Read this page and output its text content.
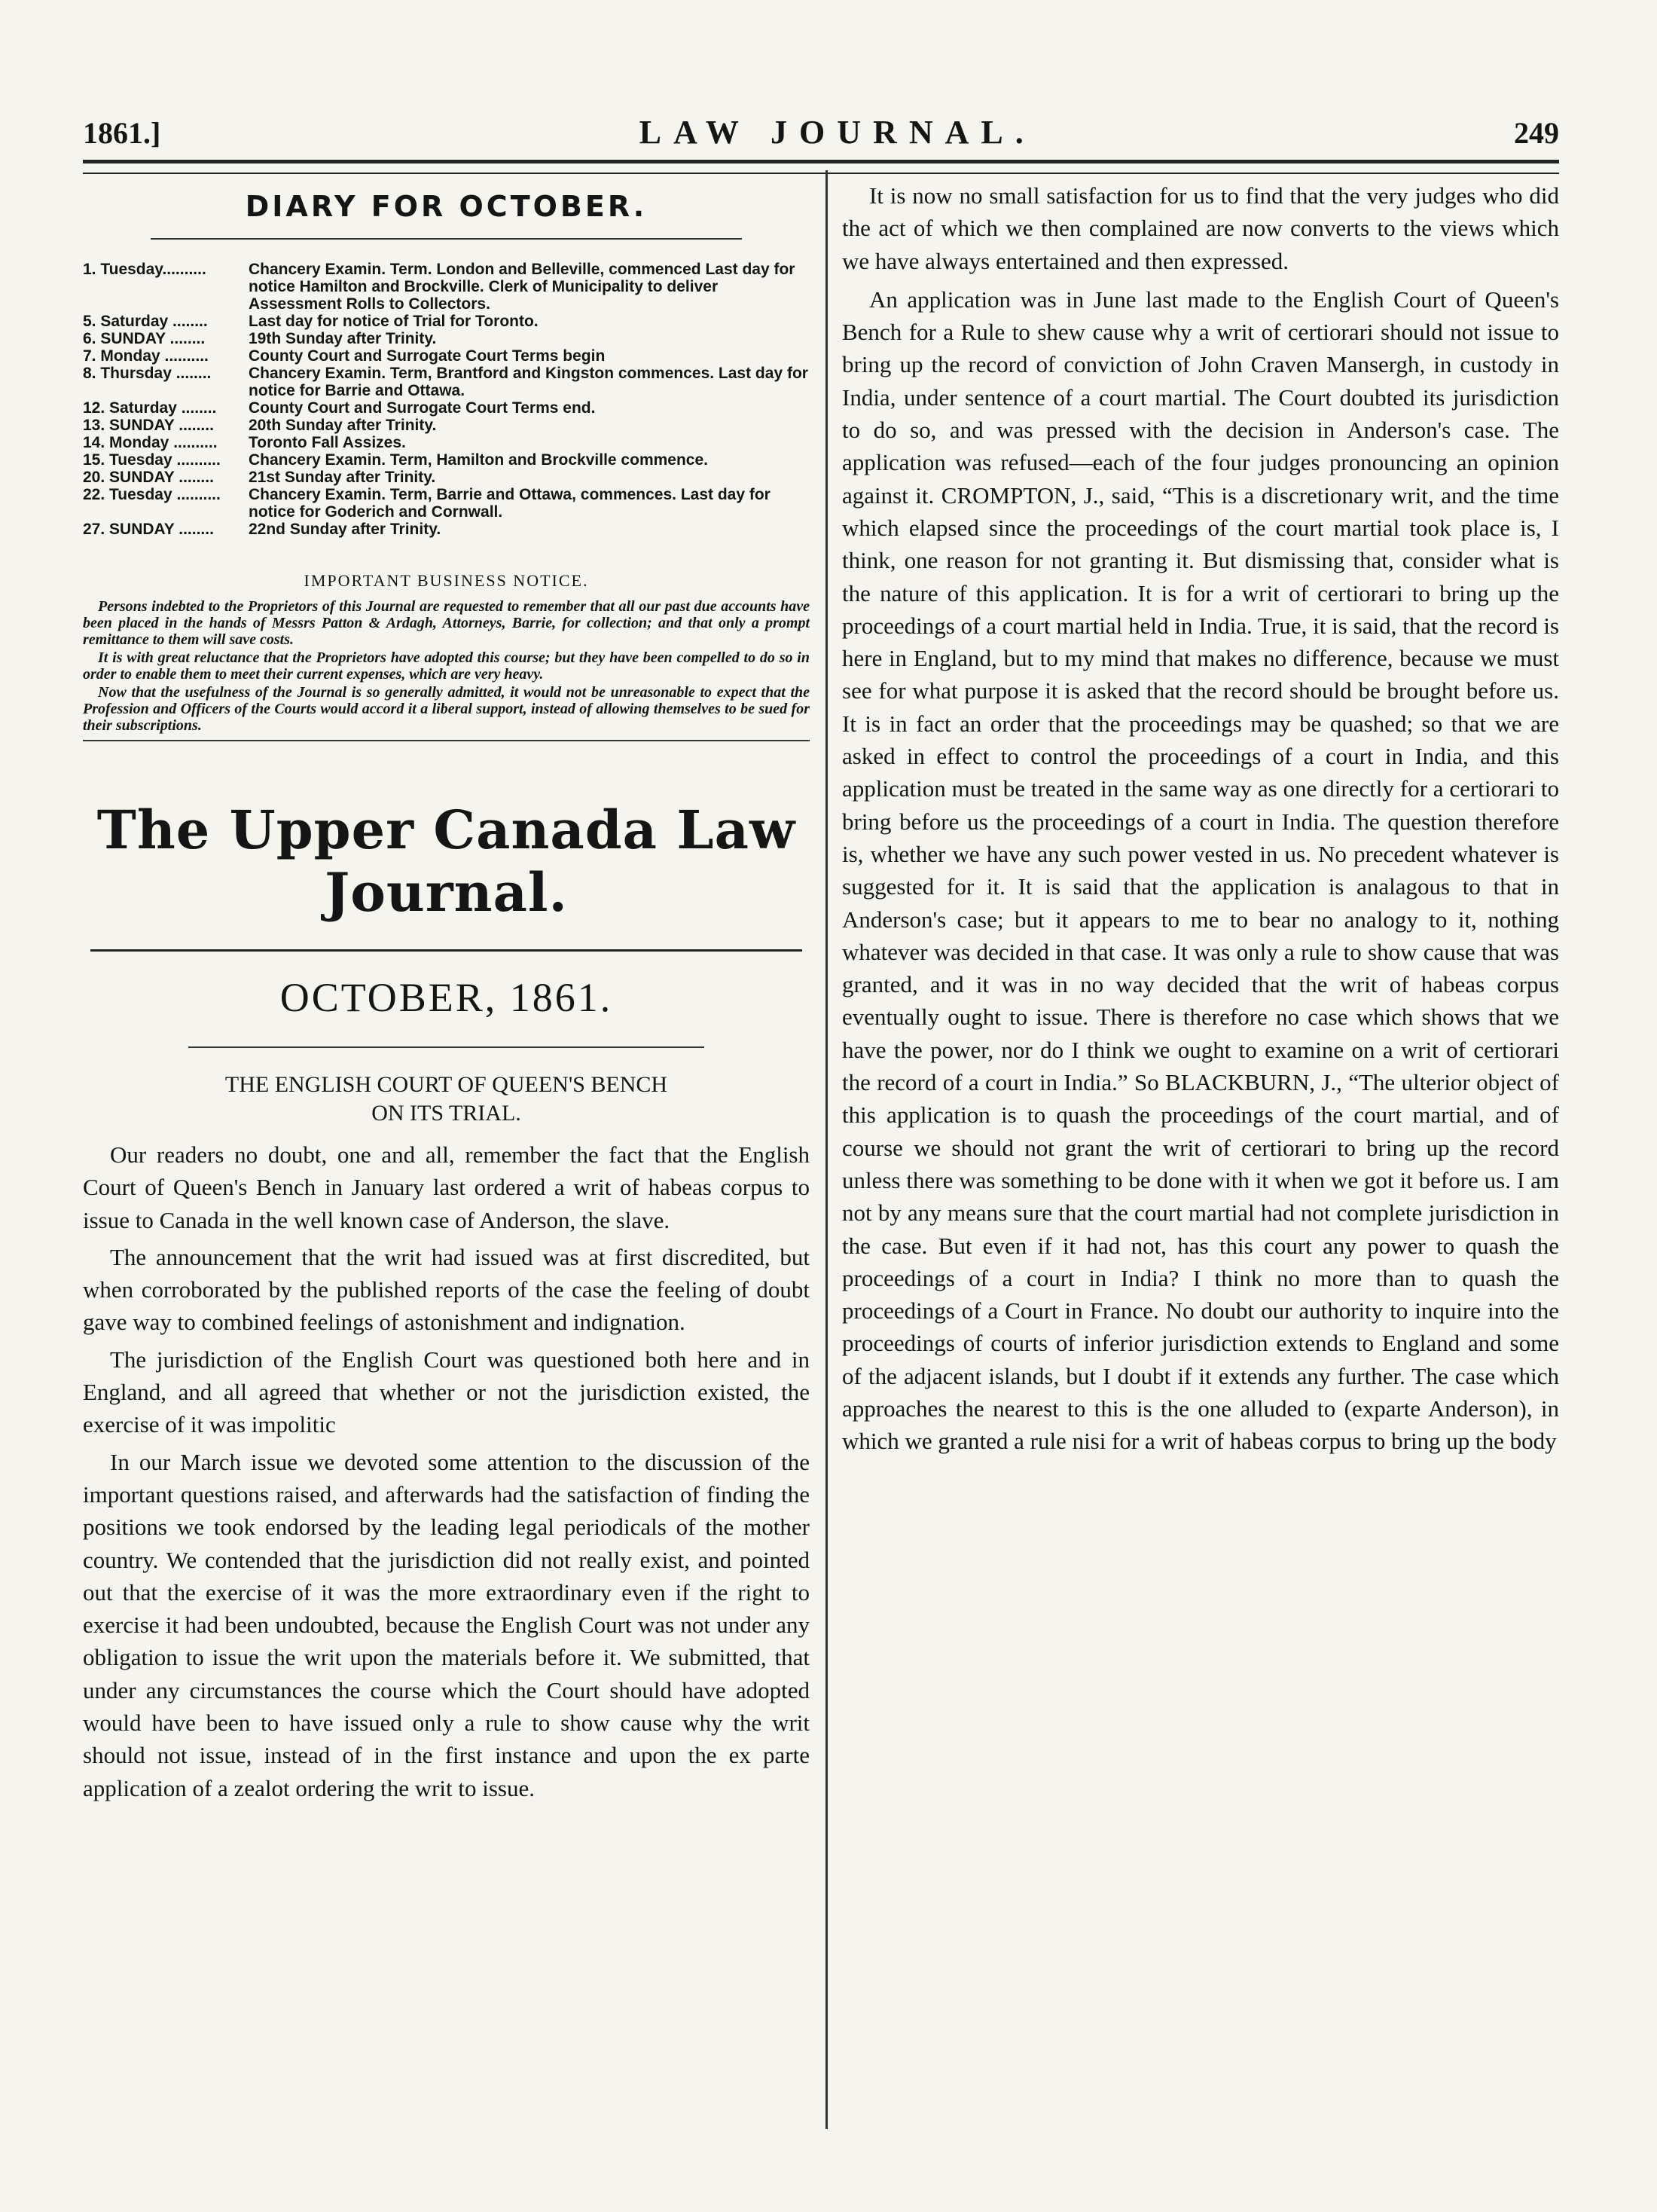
1861.]	LAW JOURNAL.	249
DIARY FOR OCTOBER.
1. Tuesday..........	Chancery Examin. Term. London and Belleville, commenced Last day for notice Hamilton and Brockville. Clerk of Municipality to deliver Assessment Rolls to Collectors.
5. Saturday ........	Last day for notice of Trial for Toronto.
6. SUNDAY ........	19th Sunday after Trinity.
7. Monday ..........	County Court and Surrogate Court Terms begin
8. Thursday ........	Chancery Examin. Term, Brantford and Kingston commences. Last day for notice for Barrie and Ottawa.
12. Saturday ........	County Court and Surrogate Court Terms end.
13. SUNDAY ........	20th Sunday after Trinity.
14. Monday ..........	Toronto Fall Assizes.
15. Tuesday ..........	Chancery Examin. Term, Hamilton and Brockville commence.
20. SUNDAY ........	21st Sunday after Trinity.
22. Tuesday ..........	Chancery Examin. Term, Barrie and Ottawa, commences. Last day for notice for Goderich and Cornwall.
27. SUNDAY ........	22nd Sunday after Trinity.
IMPORTANT BUSINESS NOTICE.

Persons indebted to the Proprietors of this Journal are requested to remember that all our past due accounts have been placed in the hands of Messrs Patton & Ardagh, Attorneys, Barrie, for collection; and that only a prompt remittance to them will save costs.

It is with great reluctance that the Proprietors have adopted this course; but they have been compelled to do so in order to enable them to meet their current expenses, which are very heavy.

Now that the usefulness of the Journal is so generally admitted, it would not be unreasonable to expect that the Profession and Officers of the Courts would accord it a liberal support, instead of allowing themselves to be sued for their subscriptions.

The Upper Canada Law Journal.
OCTOBER, 1861.
THE ENGLISH COURT OF QUEEN'S BENCH
ON ITS TRIAL.

Our readers no doubt, one and all, remember the fact that the English Court of Queen's Bench in January last ordered a writ of habeas corpus to issue to Canada in the well known case of Anderson, the slave.

The announcement that the writ had issued was at first discredited, but when corroborated by the published reports of the case the feeling of doubt gave way to combined feelings of astonishment and indignation.

The jurisdiction of the English Court was questioned both here and in England, and all agreed that whether or not the jurisdiction existed, the exercise of it was impolitic

In our March issue we devoted some attention to the discussion of the important questions raised, and afterwards had the satisfaction of finding the positions we took endorsed by the leading legal periodicals of the mother country. We contended that the jurisdiction did not really exist, and pointed out that the exercise of it was the more extraordinary even if the right to exercise it had been undoubted, because the English Court was not under any obligation to issue the writ upon the materials before it. We submitted, that under any circumstances the course which the Court should have adopted would have been to have issued only a rule to show cause why the writ should not issue, instead of in the first instance and upon the ex parte application of a zealot ordering the writ to issue.

It is now no small satisfaction for us to find that the very judges who did the act of which we then complained are now converts to the views which we have always entertained and then expressed.

An application was in June last made to the English Court of Queen's Bench for a Rule to shew cause why a writ of certiorari should not issue to bring up the record of conviction of John Craven Mansergh, in custody in India, under sentence of a court martial. The Court doubted its jurisdiction to do so, and was pressed with the decision in Anderson's case. The application was refused—each of the four judges pronouncing an opinion against it. CROMPTON, J., said, “This is a discretionary writ, and the time which elapsed since the proceedings of the court martial took place is, I think, one reason for not granting it. But dismissing that, consider what is the nature of this application. It is for a writ of certiorari to bring up the proceedings of a court martial held in India. True, it is said, that the record is here in England, but to my mind that makes no difference, because we must see for what purpose it is asked that the record should be brought before us. It is in fact an order that the proceedings may be quashed; so that we are asked in effect to control the proceedings of a court in India, and this application must be treated in the same way as one directly for a certiorari to bring before us the proceedings of a court in India. The question therefore is, whether we have any such power vested in us. No precedent whatever is suggested for it. It is said that the application is analagous to that in Anderson's case; but it appears to me to bear no analogy to it, nothing whatever was decided in that case. It was only a rule to show cause that was granted, and it was in no way decided that the writ of habeas corpus eventually ought to issue. There is therefore no case which shows that we have the power, nor do I think we ought to examine on a writ of certiorari the record of a court in India.” So BLACKBURN, J., “The ulterior object of this application is to quash the proceedings of the court martial, and of course we should not grant the writ of certiorari to bring up the record unless there was something to be done with it when we got it before us. I am not by any means sure that the court martial had not complete jurisdiction in the case. But even if it had not, has this court any power to quash the proceedings of a court in India? I think no more than to quash the proceedings of a Court in France. No doubt our authority to inquire into the proceedings of courts of inferior jurisdiction extends to England and some of the adjacent islands, but I doubt if it extends any further. The case which approaches the nearest to this is the one alluded to (exparte Anderson), in which we granted a rule nisi for a writ of habeas corpus to bring up the body
